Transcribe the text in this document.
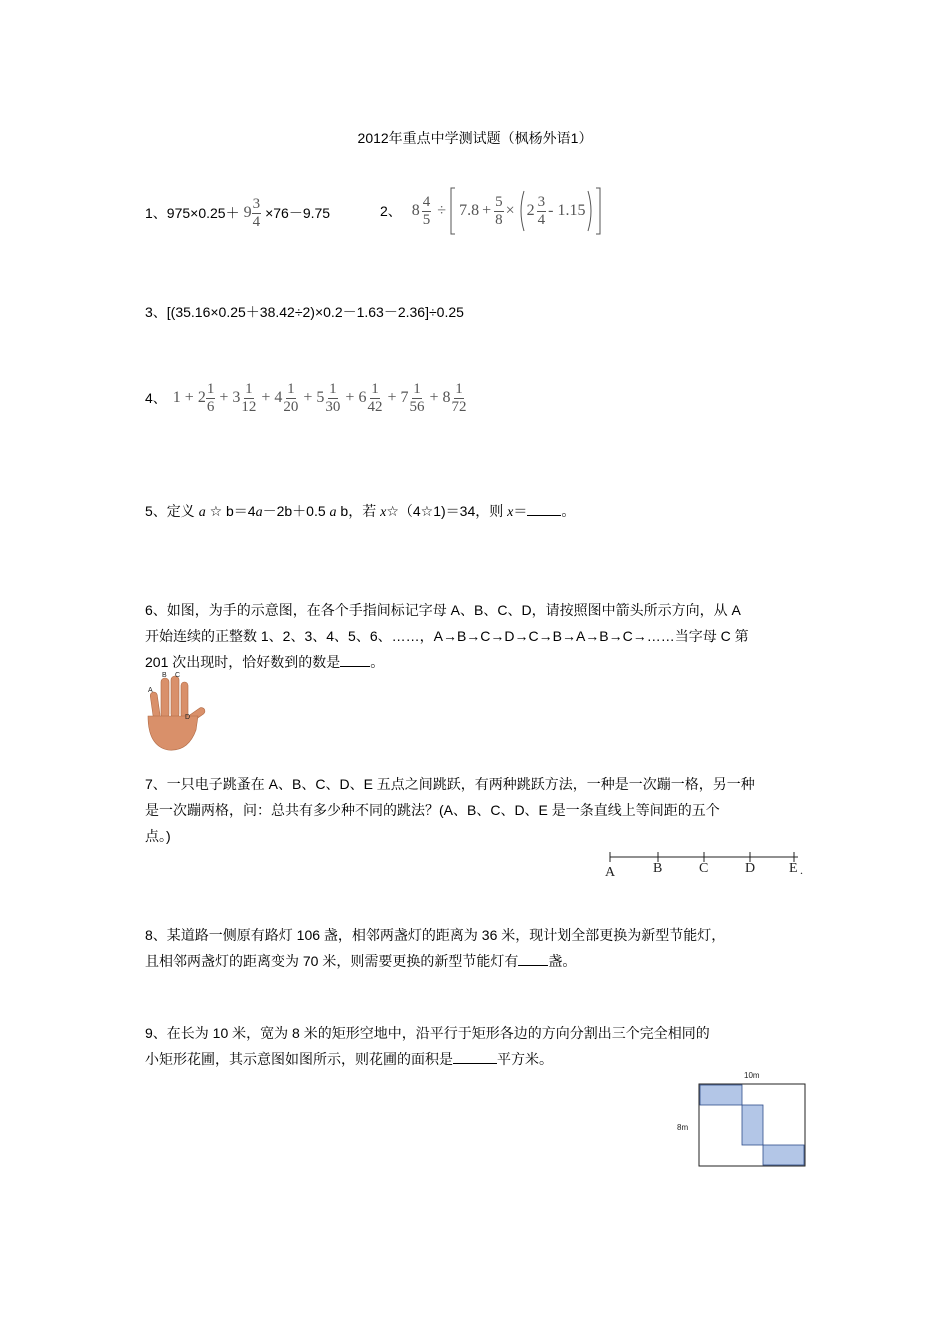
2012年重点中学测试题（枫杨外语1）
1、 $975\times 0.25+ 9 \frac{3}{4} \times 76-9.75$	2、 $8 \frac{4}{5} \div 7.8 + \frac{5}{8} \times 2 \frac{3}{4} - 1.15$
3、[(35.16×0.25＋38.42÷2)×0.2－1.63－2.36]÷0.25
4、 $1 + 2 \frac{1}{6} + 3 \frac{1}{12} + 4 \frac{1}{20} + 5 \frac{1}{30} + 6 \frac{1}{42} + 7 \frac{1}{56} + 8 \frac{1}{72}$
5、定义 a ☆ b＝4a－2b＋0.5 a b，若 x☆（4☆1)＝34，则 x＝ 。
6、如图，为手的示意图，在各个手指间标记字母 A、B、C、D，请按照图中箭头所示方向，从 A
开始连续的正整数 1、2、3、4、5、6、……，A→B→C→D→C→B→A→B→C→……当字母 C 第
201 次出现时，恰好数到的数是 。
A
B C
D
7、一只电子跳蚤在 A、B、C、D、E 五点之间跳跃，有两种跳跃方法，一种是一次蹦一格，另一种
是一次蹦两格，问：总共有多少种不同的跳法？(A、B、C、D、E 是一条直线上等间距的五个
点。)
A	B	C	D E .
8、某道路一侧原有路灯 106 盏，相邻两盏灯的距离为 36 米，现计划全部更换为新型节能灯，
且相邻两盏灯的距离变为 70 米，则需要更换的新型节能灯有 盏。
9、在长为 10 米，宽为 8 米的矩形空地中，沿平行于矩形各边的方向分割出三个完全相同的
小矩形花圃，其示意图如图所示，则花圃的面积是	平方米。
10m
8m
